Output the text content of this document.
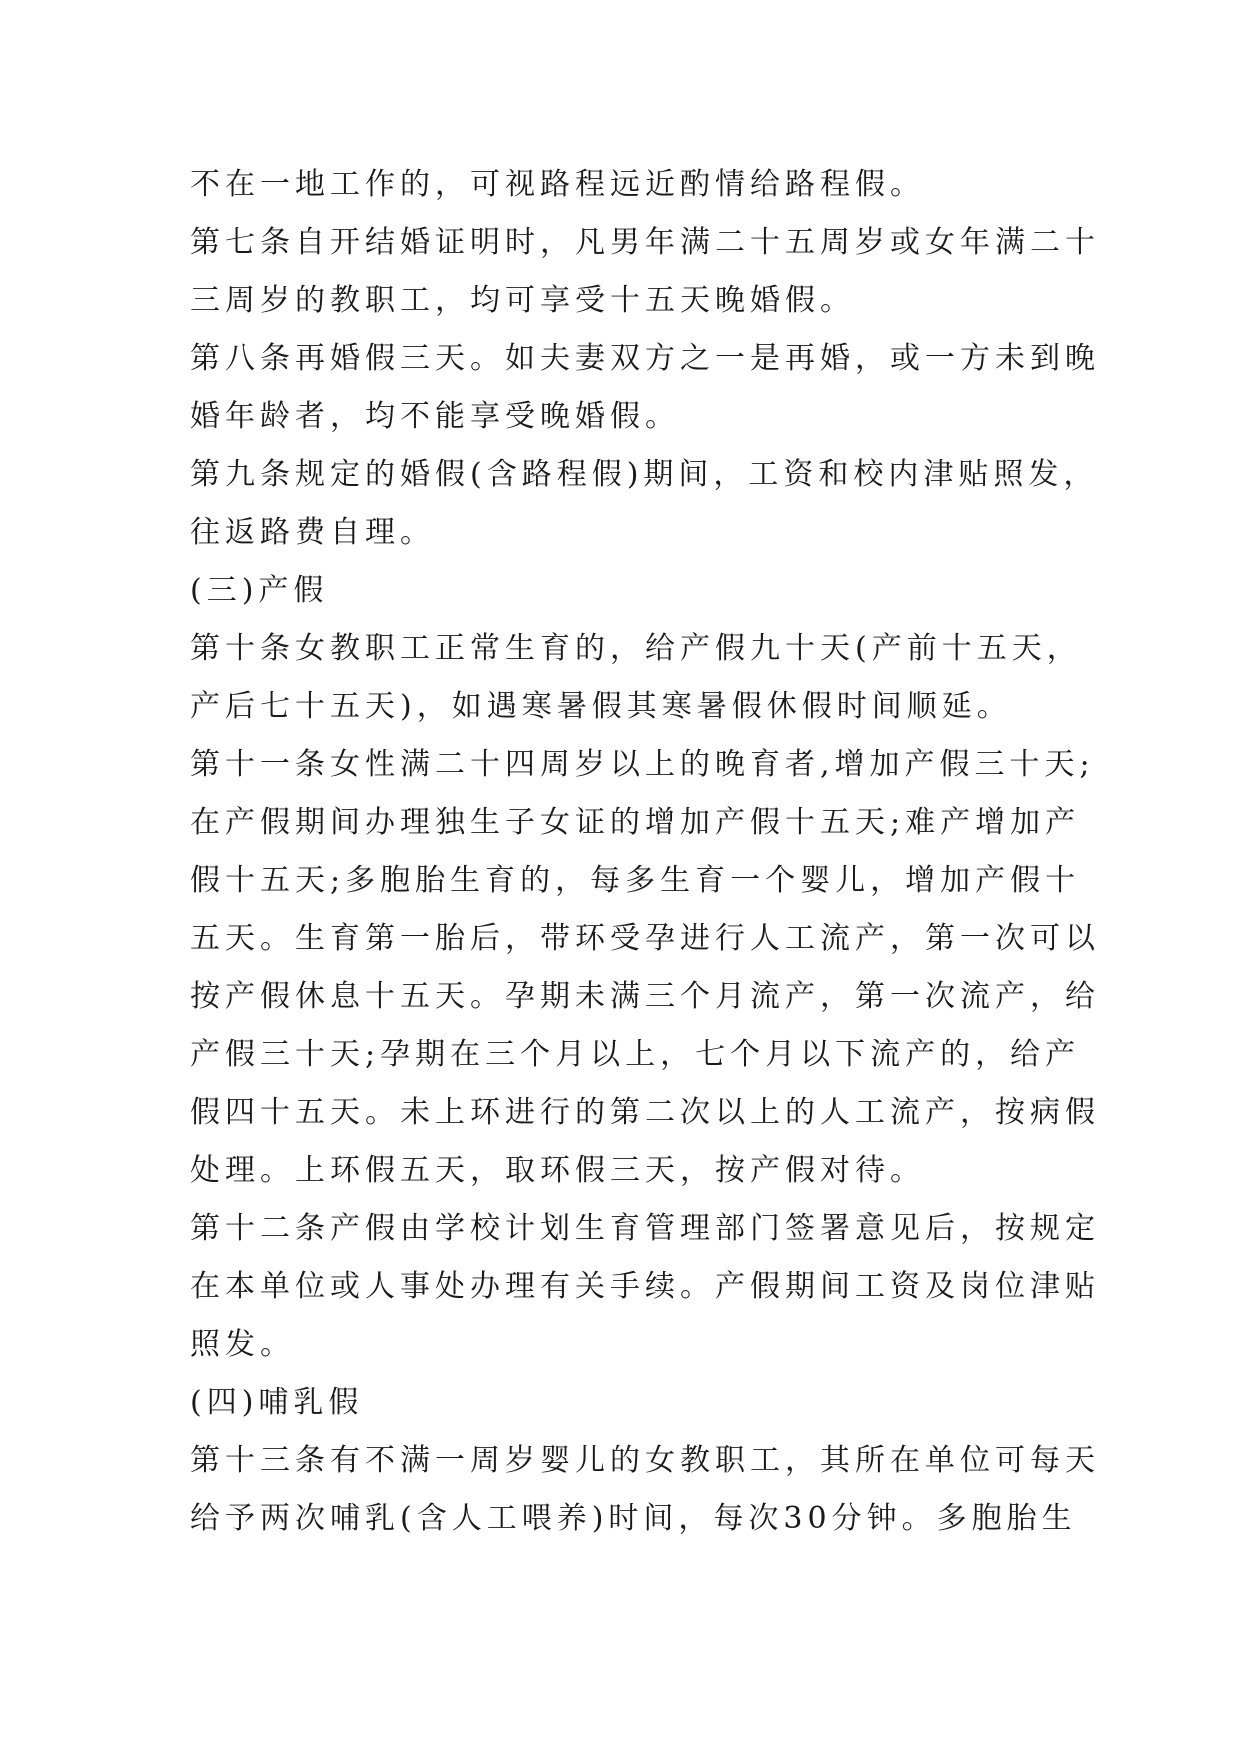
不在一地工作的，可视路程远近酌情给路程假。
第七条自开结婚证明时，凡男年满二十五周岁或女年满二十
三周岁的教职工，均可享受十五天晚婚假。
第八条再婚假三天。如夫妻双方之一是再婚，或一方未到晚
婚年龄者，均不能享受晚婚假。
第九条规定的婚假(含路程假)期间，工资和校内津贴照发，
往返路费自理。
(三)产假
第十条女教职工正常生育的，给产假九十天(产前十五天，
产后七十五天)，如遇寒暑假其寒暑假休假时间顺延。
第十一条女性满二十四周岁以上的晚育者,增加产假三十天;
在产假期间办理独生子女证的增加产假十五天;难产增加产
假十五天;多胞胎生育的，每多生育一个婴儿，增加产假十
五天。生育第一胎后，带环受孕进行人工流产，第一次可以
按产假休息十五天。孕期未满三个月流产，第一次流产，给
产假三十天;孕期在三个月以上，七个月以下流产的，给产
假四十五天。未上环进行的第二次以上的人工流产，按病假
处理。上环假五天，取环假三天，按产假对待。
第十二条产假由学校计划生育管理部门签署意见后，按规定
在本单位或人事处办理有关手续。产假期间工资及岗位津贴
照发。
(四)哺乳假
第十三条有不满一周岁婴儿的女教职工，其所在单位可每天
给予两次哺乳(含人工喂养)时间，每次30分钟。多胞胎生
